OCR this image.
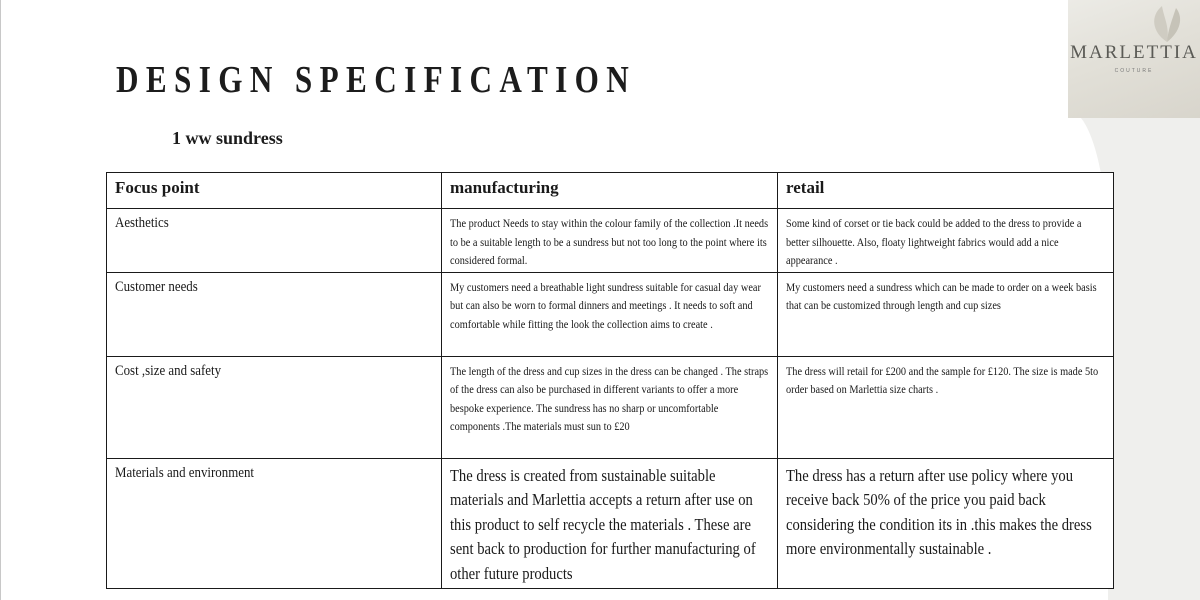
MARLETTIA
COUTURE
DESIGN SPECIFICATION
1 ww sundress
Focus point	manufacturing	retail
Aesthetics	The product Needs to stay within the colour family of the collection .It needs to be a suitable length to be a sundress but not too long to the point where its considered formal.	Some kind of corset or tie back could be added to the dress to provide a better silhouette. Also, floaty lightweight fabrics would add a nice appearance .

Customer needs	My customers need a breathable light sundress suitable for casual day wear but can also be worn to formal dinners and meetings . It needs to soft and comfortable while fitting the look the collection aims to create .	My customers need a sundress which can be made to order on a week basis that can be customized through length and cup sizes

Cost ,size and safety	The length of the dress and cup sizes in the dress can be changed . The straps of the dress can also be purchased in different variants to offer a more bespoke experience. The sundress has no sharp or uncomfortable components .The materials must sun to £20	The dress will retail for £200 and the sample for £120. The size is made 5to order based on Marlettia size charts .

Materials and environment	The dress is created from sustainable suitable materials and Marlettia accepts a return after use on this product to self recycle the materials . These are sent back to production for further manufacturing of other future products	The dress has a return after use policy where you receive back 50% of the price you paid back considering the condition its in .this makes the dress more environmentally sustainable .
